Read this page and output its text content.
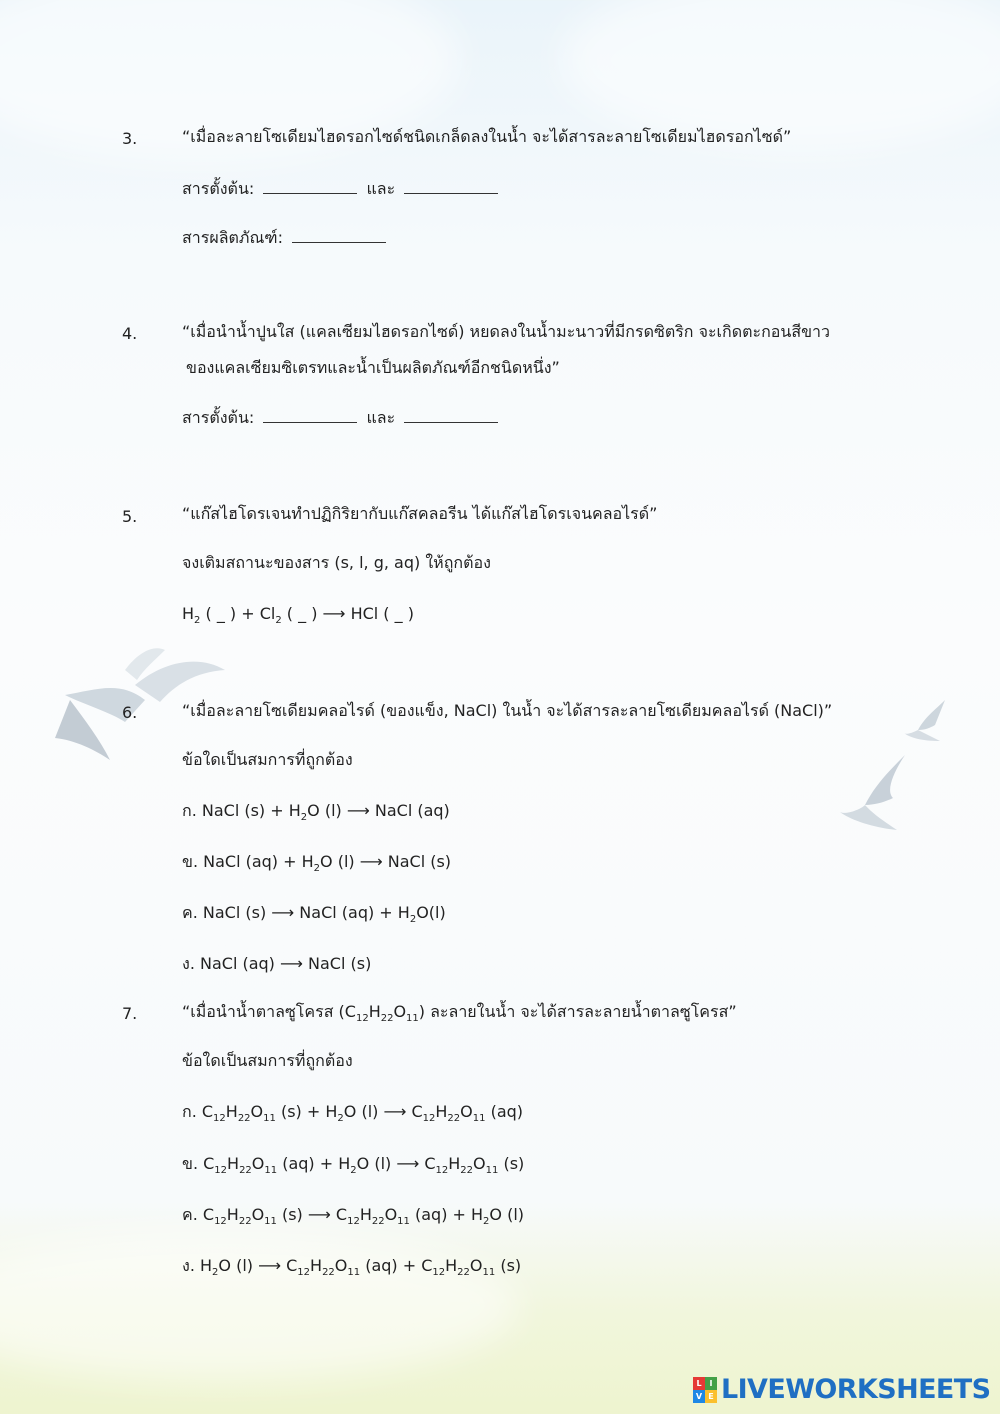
3.	“เมื่อละลายโซเดียมไฮดรอกไซด์ชนิดเกล็ดลงในน้ำ จะได้สารละลายโซเดียมไฮดรอกไซด์”
สารตั้งต้น:	และ
สารผลิตภัณฑ์:
4.	“เมื่อนำน้ำปูนใส (แคลเซียมไฮดรอกไซด์) หยดลงในน้ำมะนาวที่มีกรดซิตริก จะเกิดตะกอนสีขาว
ของแคลเซียมซิเตรทและน้ำเป็นผลิตภัณฑ์อีกชนิดหนึ่ง”
สารตั้งต้น:	และ
5.	“แก๊สไฮโดรเจนทำปฏิกิริยากับแก๊สคลอรีน ได้แก๊สไฮโดรเจนคลอไรด์”
จงเติมสถานะของสาร (s, l, g, aq) ให้ถูกต้อง
$H_2$ ( _ ) + $Cl_2$ ( _ ) ⟶ HCl ( _ )
6.	“เมื่อละลายโซเดียมคลอไรด์ (ของแข็ง, NaCl) ในน้ำ จะได้สารละลายโซเดียมคลอไรด์ (NaCl)”
ข้อใดเป็นสมการที่ถูกต้อง
ก. NaCl $(s) + H_2O$ (l) ⟶ NaCl (aq)
ข. NaCl $(aq) + H_2O$ (l) ⟶ NaCl (s)
ค. NaCl (s) ⟶ NaCl $(aq) + H_2O(l)$
ง. NaCl (aq) ⟶ NaCl (s)
7.	“เมื่อนำน้ำตาลซูโครส $(C_{12}H_{22}O_{11})$ ละลายในน้ำ จะได้สารละลายน้ำตาลซูโครส”
ข้อใดเป็นสมการที่ถูกต้อง
ก. $C_{12}H_{22}O_{11}$ $(s) + H_2O$ (l) ⟶ $C_{12}H_{22}O_{11}$ (aq)
ข. $C_{12}H_{22}O_{11}$ $(aq) + H_2O$ (l) ⟶ $C_{12}H_{22}O_{11}$ (s)
ค. $C_{12}H_{22}O_{11}$ (s) ⟶ $C_{12}H_{22}O_{11}$ $(aq) + H_2O$ (l)
ง. $H_2O$ (l) ⟶ $C_{12}H_{22}O_{11}$ $(aq) + C_{12}H_{22}O_{11}$ (s)
L I
V E LIVEWORKSHEETS
